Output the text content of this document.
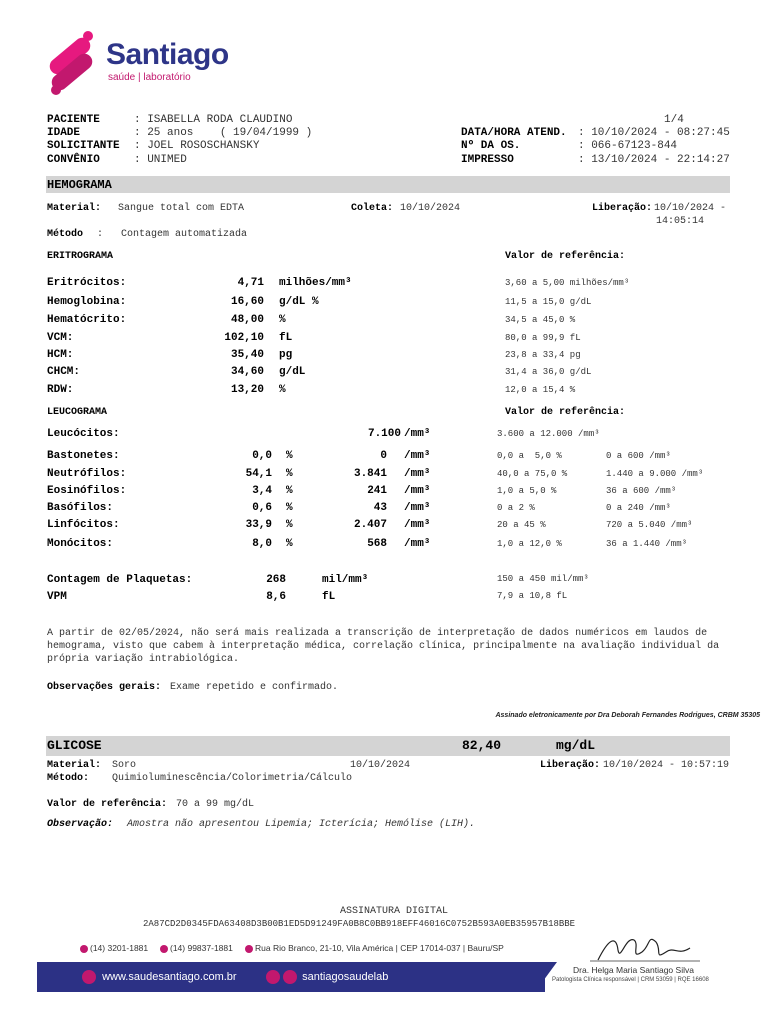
Santiago
saúde | laboratório
PACIENTE	: ISABELLA RODA CLAUDINO	1/4
IDADE	: 25 anos    ( 19/04/1999 )	DATA/HORA ATEND. : 10/10/2024 - 08:27:45
SOLICITANTE : JOEL ROSOSCHANSKY	Nº DA OS.	: 066-67123-844
CONVÊNIO	: UNIMED	IMPRESSO	: 13/10/2024 - 22:14:27
HEMOGRAMA
Material: Sangue total com EDTA	Coleta: 10/10/2024	Liberação: 10/10/2024 -
14:05:14
Método :   Contagem automatizada
ERITROGRAMA	Valor de referência:
Eritrócitos:	4,71 milhões/mm³	3,60 a 5,00 milhões/mm³
Hemoglobina:	16,60 g/dL %	11,5 a 15,0 g/dL
Hematócrito:	48,00 %	34,5 a 45,0 %
VCM:	102,10 fL	80,0 a 99,9 fL
HCM:	35,40 pg	23,8 a 33,4 pg
CHCM:	34,60 g/dL	31,4 a 36,0 g/dL
RDW:	13,20 %	12,0 a 15,4 %
LEUCOGRAMA	Valor de referência:
Leucócitos:	7.100 /mm³	3.600 a 12.000 /mm³
Bastonetes:	0,0 %	0 /mm³	0,0 a  5,0 %	0 a 600 /mm³
Neutrófilos:	54,1 %	3.841 /mm³	40,0 a 75,0 %	1.440 a 9.000 /mm³
Eosinófilos:	3,4 %	241 /mm³	1,0 a 5,0 %	36 a 600 /mm³
Basófilos:	0,6 %	43 /mm³	0 a 2 %	0 a 240 /mm³
Linfócitos:	33,9 %	2.407 /mm³	20 a 45 %	720 a 5.040 /mm³
Monócitos:	8,0 %	568 /mm³	1,0 a 12,0 %	36 a 1.440 /mm³
Contagem de Plaquetas:	268	mil/mm³	150 a 450 mil/mm³
VPM	8,6	fL	7,9 a 10,8 fL
A partir de 02/05/2024, não será mais realizada a transcrição de interpretação de dados numéricos em laudos de
hemograma, visto que cabem à interpretação médica, correlação clínica, principalmente na avaliação individual da
própria variação intrabiológica.
Observações gerais: Exame repetido e confirmado.
Assinado eletronicamente por Dra Deborah Fernandes Rodrigues, CRBM 35305
GLICOSE	82,40	mg/dL
Material: Soro	10/10/2024	Liberação: 10/10/2024 - 10:57:19
Método: Quimioluminescência/Colorimetria/Cálculo
Valor de referência: 70 a 99 mg/dL
Observação: Amostra não apresentou Lipemia; Icterícia; Hemólise (LIH).
ASSINATURA DIGITAL
2A87CD2D0345FDA63408D3B00B1ED5D91249FA0B8C0BB918EFF46016C0752B593A0EB35957B18BBE
(14) 3201-1881	(14) 99837-1881	Rua Rio Branco, 21-10, Vila América | CEP 17014-037 | Bauru/SP
www.saudesantiago.com.br	santiagosaudelab
Dra. Helga Maria Santiago Silva
Patologista Clínica responsável | CRM 53059 | RQE 16608
